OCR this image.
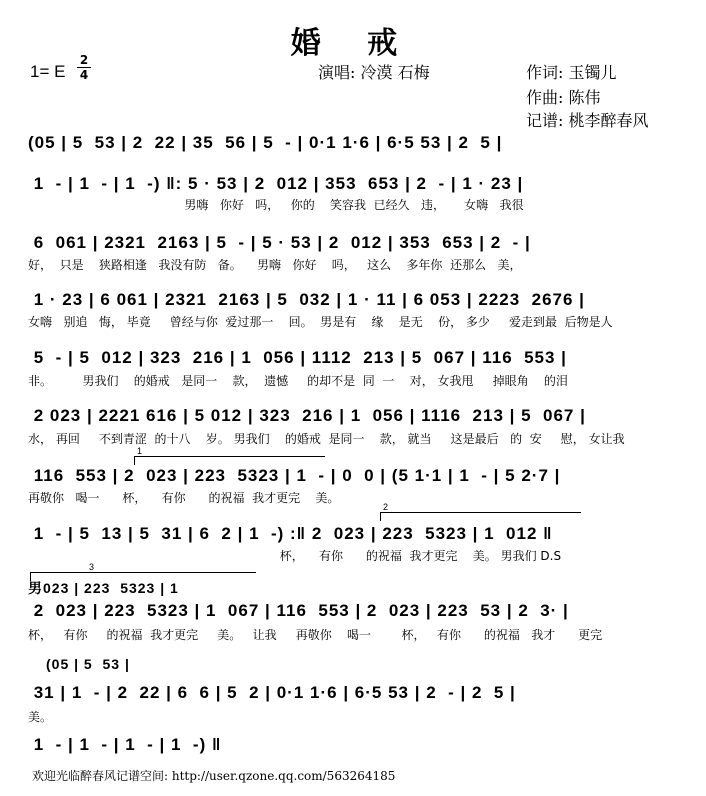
婚 戒
1= E
2
4	演唱: 冷漠 石梅	作词: 玉镯儿
作曲: 陈伟
记谱: 桃李醉春风
(05 | 5  53 | 2  22 | 35  56 | 5  - | 0·1 1·6 | 6·5 53 | 2  5 |
1  - | 1  - | 1  -) ‖: 5 · 53 | 2  012 | 353  653 | 2  - | 1 · 23 |
男嗨   你好   吗，   你的    笑容我  已经久   违，     女嗨   我很
6  061 | 2321  2163 | 5  - | 5 · 53 | 2  012 | 353  653 | 2  - |
好，  只是    狭路相逢   我没有防   备。    男嗨   你好    吗，   这么    多年你  还那么   美，
1 · 23 | 6 061 | 2321  2163 | 5  032 | 1 · 11 | 6 053 | 2223  2676 |
女嗨   别追   悔， 毕竟     曾经与你  爱过那一    回。  男是有    缘    是无    份， 多少     爱走到最  后物是人
5  - | 5  012 | 323  216 | 1  056 | 1112  213 | 5  067 | 116  553 |
非。        男我们    的婚戒   是同一    款，  遗憾     的却不是  同  一    对， 女我甩     掉眼角    的泪
2 023 | 2221 616 | 5 012 | 323  216 | 1  056 | 1116  213 | 5  067 |
水， 再回     不到青涩  的十八    岁。 男我们    的婚戒  是同一    款， 就当     这是最后   的  安     慰， 女让我
1
116  553 | 2  023 | 223  5323 | 1  - | 0  0 | (5 1·1 | 1  - | 5 2·7 |
再敬你   喝一      杯，    有你      的祝福  我才更完    美。
2
1  - | 5  13 | 5  31 | 6  2 | 1  -) :‖ 2  023 | 223  5323 | 1  012 ‖
杯，    有你      的祝福  我才更完    美。 男我们 D.S
3
男023 | 223  5323 | 1
2  023 | 223  5323 | 1  067 | 116  553 | 2  023 | 223  53 | 2  3· |
杯，   有你     的祝福  我才更完     美。   让我     再敬你    喝一        杯，   有你      的祝福   我才      更完
(05 | 5  53 |
31 | 1  - | 2  22 | 6  6 | 5  2 | 0·1 1·6 | 6·5 53 | 2  - | 2  5 |
美。
1  - | 1  - | 1  - | 1  -) ‖
欢迎光临醉春风记谱空间: http://user.qzone.qq.com/563264185
